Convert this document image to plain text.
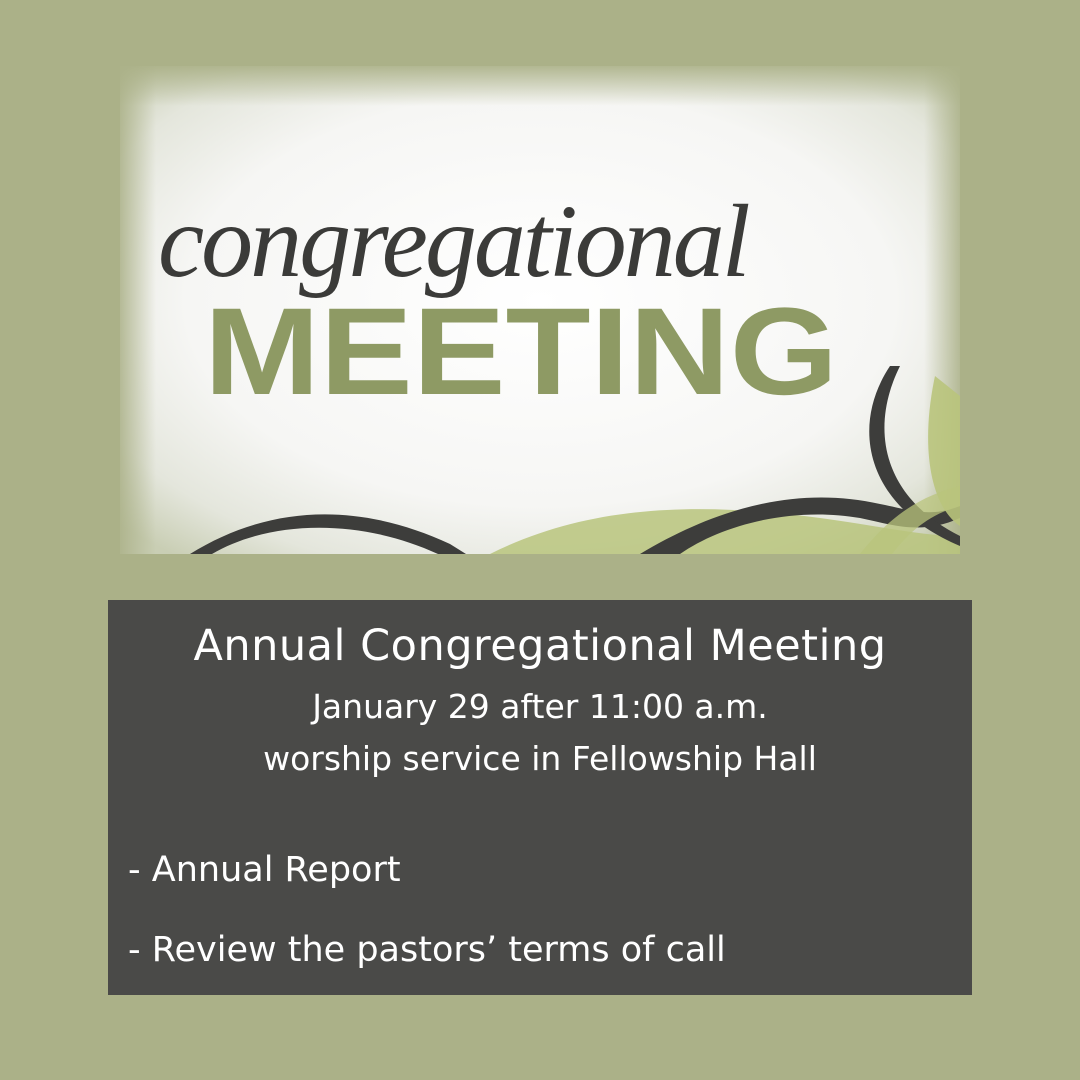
congregational
MEETING
Annual Congregational Meeting
January 29 after 11:00 a.m.
worship service in Fellowship Hall
- Annual Report
- Review the pastors’ terms of call
